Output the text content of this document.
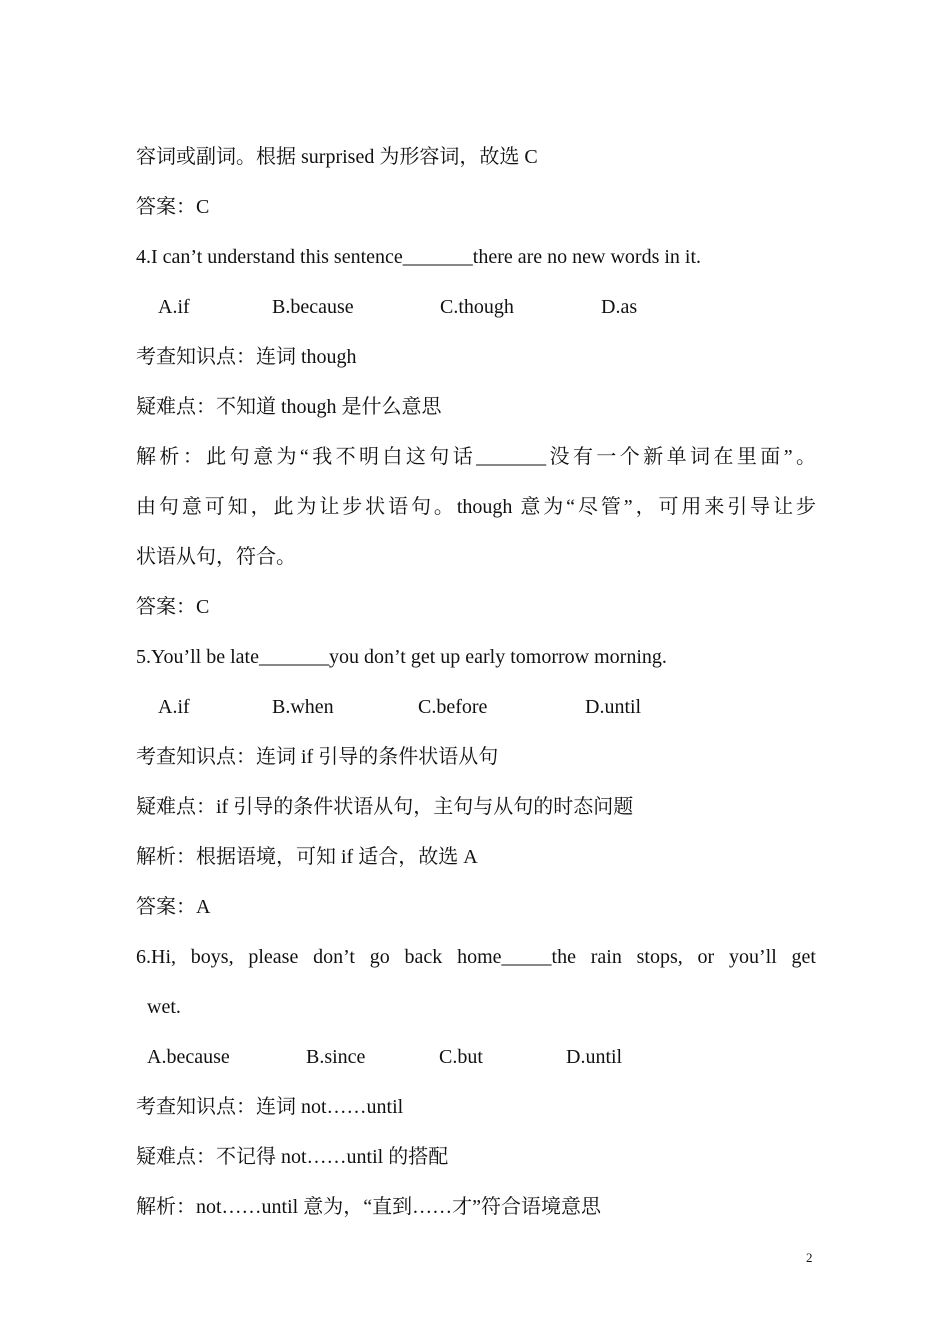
容词或副词。根据 surprised 为形容词，故选 C
答案：C
4.I can’t understand this sentence_______there are no new words in it.
A.if	B.because	C.though	D.as
考查知识点：连词 though
疑难点：不知道 though 是什么意思
解析：此句意为“我不明白这句话_______没有一个新单词在里面”。
由句意可知，此为让步状语句。though 意为“尽管”，可用来引导让步
状语从句，符合。
答案：C
5.You’ll be late_______you don’t get up early tomorrow morning.
A.if	B.when	C.before	D.until
考查知识点：连词 if 引导的条件状语从句
疑难点：if 引导的条件状语从句，主句与从句的时态问题
解析：根据语境，可知 if 适合，故选 A
答案：A
6.Hi, boys, please don’t go back home_____the rain stops, or you’ll get
wet.
A.because	B.since	C.but	D.until
考查知识点：连词 not……until
疑难点：不记得 not……until 的搭配
解析：not……until 意为，“直到……才”符合语境意思
2
